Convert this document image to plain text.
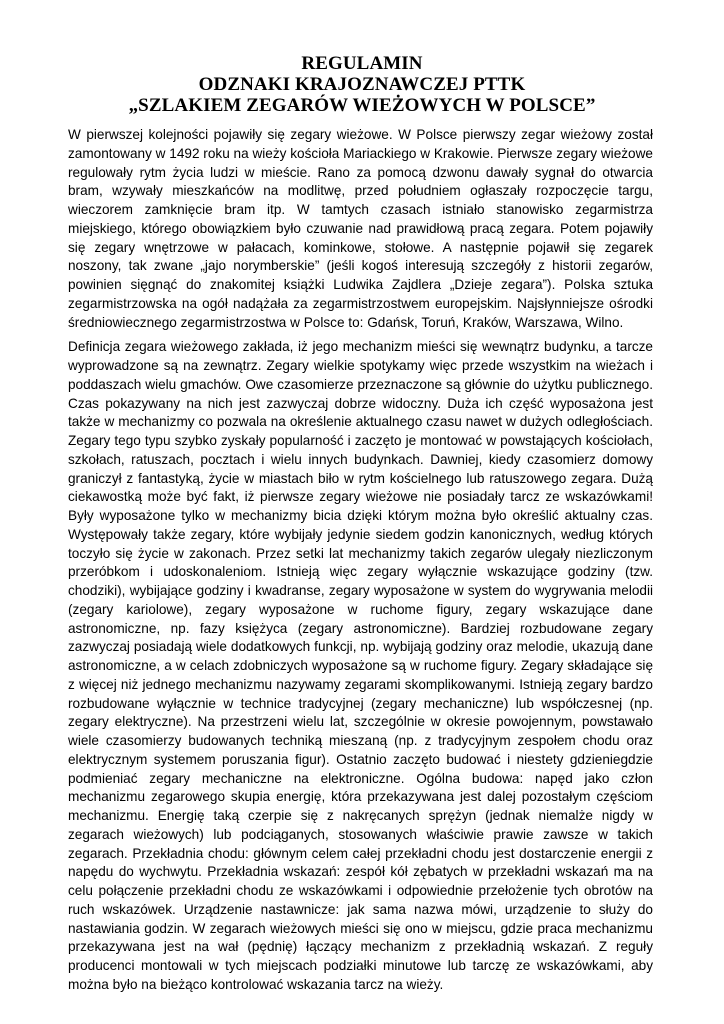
REGULAMIN
ODZNAKI KRAJOZNAWCZEJ PTTK
„SZLAKIEM ZEGARÓW WIEŻOWYCH W POLSCE”

W pierwszej kolejności pojawiły się zegary wieżowe. W Polsce pierwszy zegar wieżowy został zamontowany w 1492 roku na wieży kościoła Mariackiego w Krakowie. Pierwsze zegary wieżowe regulowały rytm życia ludzi w mieście. Rano za pomocą dzwonu dawały sygnał do otwarcia bram, wzywały mieszkańców na modlitwę, przed południem ogłaszały rozpoczęcie targu, wieczorem zamknięcie bram itp. W tamtych czasach istniało stanowisko zegarmistrza miejskiego, którego obowiązkiem było czuwanie nad prawidłową pracą zegara. Potem pojawiły się zegary wnętrzowe w pałacach, kominkowe, stołowe. A następnie pojawił się zegarek noszony, tak zwane „jajo norymberskie” (jeśli kogoś interesują szczegóły z historii zegarów, powinien sięgnąć do znakomitej książki Ludwika Zajdlera „Dzieje zegara”). Polska sztuka zegarmistrzowska na ogół nadążała za zegarmistrzostwem europejskim. Najsłynniejsze ośrodki średniowiecznego zegarmistrzostwa w Polsce to: Gdańsk, Toruń, Kraków, Warszawa, Wilno.

Definicja zegara wieżowego zakłada, iż jego mechanizm mieści się wewnątrz budynku, a tarcze wyprowadzone są na zewnątrz. Zegary wielkie spotykamy więc przede wszystkim na wieżach i poddaszach wielu gmachów. Owe czasomierze przeznaczone są głównie do użytku publicznego. Czas pokazywany na nich jest zazwyczaj dobrze widoczny. Duża ich część wyposażona jest także w mechanizmy co pozwala na określenie aktualnego czasu nawet w dużych odległościach. Zegary tego typu szybko zyskały popularność i zaczęto je montować w powstających kościołach, szkołach, ratuszach, pocztach i wielu innych budynkach. Dawniej, kiedy czasomierz domowy graniczył z fantastyką, życie w miastach biło w rytm kościelnego lub ratuszowego zegara. Dużą ciekawostką może być fakt, iż pierwsze zegary wieżowe nie posiadały tarcz ze wskazówkami! Były wyposażone tylko w mechanizmy bicia dzięki którym można było określić aktualny czas. Występowały także zegary, które wybijały jedynie siedem godzin kanonicznych, według których toczyło się życie w zakonach. Przez setki lat mechanizmy takich zegarów ulegały niezliczonym przeróbkom i udoskonaleniom. Istnieją więc zegary wyłącznie wskazujące godziny (tzw. chodziki), wybijające godziny i kwadranse, zegary wyposażone w system do wygrywania melodii (zegary kariolowe), zegary wyposażone w ruchome figury, zegary wskazujące dane astronomiczne, np. fazy księżyca (zegary astronomiczne). Bardziej rozbudowane zegary zazwyczaj posiadają wiele dodatkowych funkcji, np. wybijają godziny oraz melodie, ukazują dane astronomiczne, a w celach zdobniczych wyposażone są w ruchome figury. Zegary składające się z więcej niż jednego mechanizmu nazywamy zegarami skomplikowanymi. Istnieją zegary bardzo rozbudowane wyłącznie w technice tradycyjnej (zegary mechaniczne) lub współczesnej (np. zegary elektryczne). Na przestrzeni wielu lat, szczególnie w okresie powojennym, powstawało wiele czasomierzy budowanych techniką mieszaną (np. z tradycyjnym zespołem chodu oraz elektrycznym systemem poruszania figur). Ostatnio zaczęto budować i niestety gdzieniegdzie podmieniać zegary mechaniczne na elektroniczne. Ogólna budowa: napęd jako człon mechanizmu zegarowego skupia energię, która przekazywana jest dalej pozostałym częściom mechanizmu. Energię taką czerpie się z nakręcanych sprężyn (jednak niemalże nigdy w zegarach wieżowych) lub podciąganych, stosowanych właściwie prawie zawsze w takich zegarach. Przekładnia chodu: głównym celem całej przekładni chodu jest dostarczenie energii z napędu do wychwytu. Przekładnia wskazań: zespół kół zębatych w przekładni wskazań ma na celu połączenie przekładni chodu ze wskazówkami i odpowiednie przełożenie tych obrotów na ruch wskazówek. Urządzenie nastawnicze: jak sama nazwa mówi, urządzenie to służy do nastawiania godzin. W zegarach wieżowych mieści się ono w miejscu, gdzie praca mechanizmu przekazywana jest na wał (pędnię) łączący mechanizm z przekładnią wskazań. Z reguły producenci montowali w tych miejscach podziałki minutowe lub tarczę ze wskazówkami, aby można było na bieżąco kontrolować wskazania tarcz na wieży.
